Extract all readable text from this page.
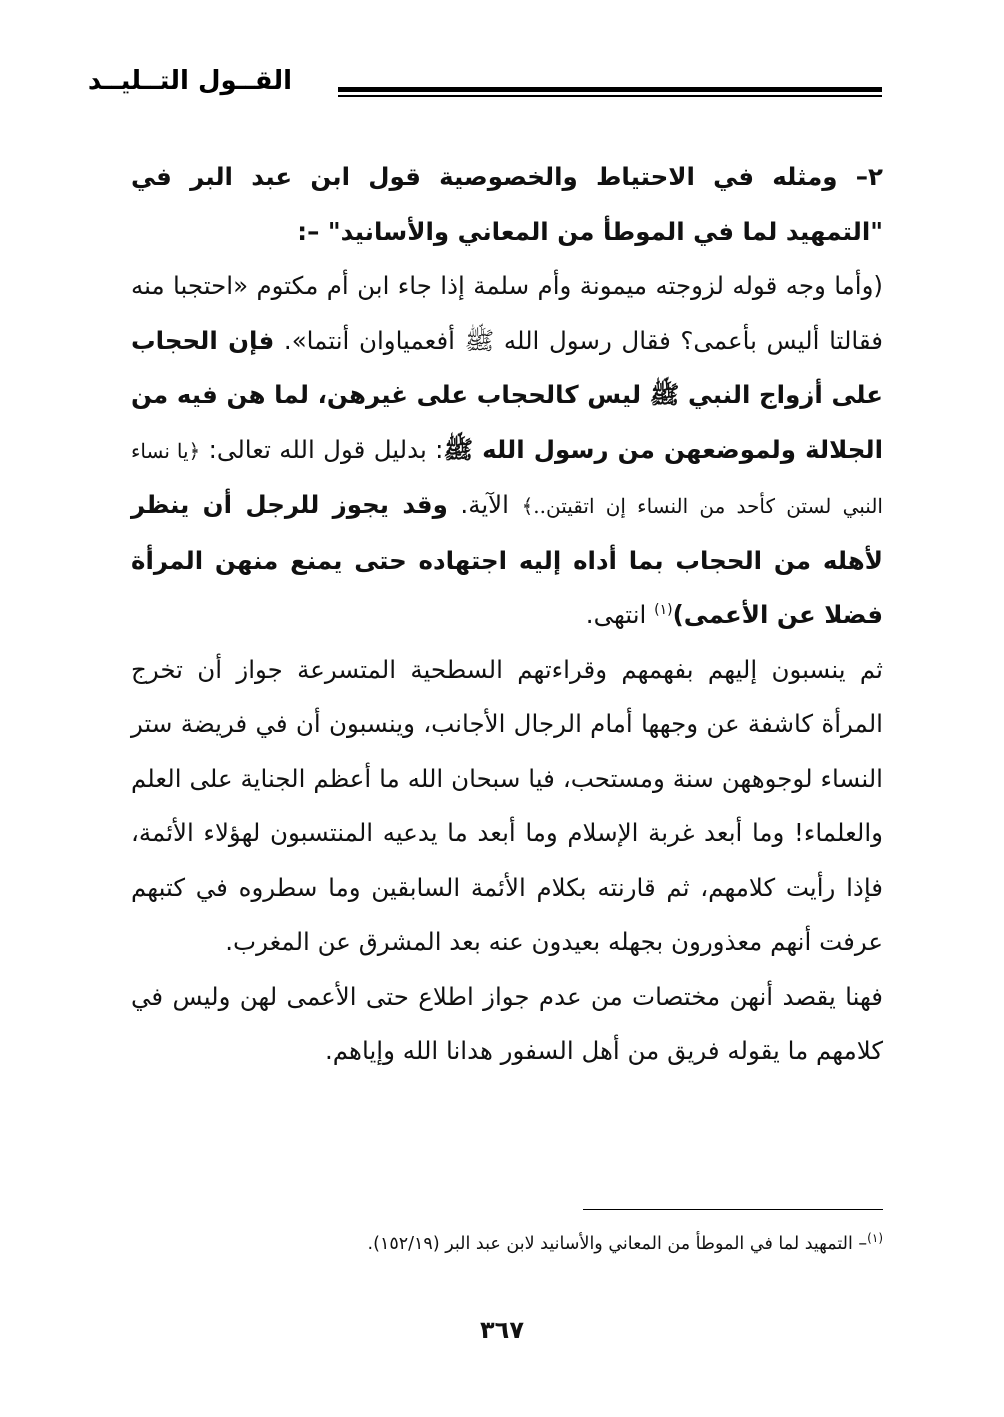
القــول التــليــد

٢– ومثله في الاحتياط والخصوصية قول ابن عبد البر في "التمهيد لما في الموطأ من المعاني والأسانيد" –:

(وأما وجه قوله لزوجته ميمونة وأم سلمة إذا جاء ابن أم مكتوم «احتجبا منه فقالتا أليس بأعمى؟ فقال رسول الله ﷺ أفعمياوان أنتما». فإن الحجاب على أزواج النبي ﷺ ليس كالحجاب على غيرهن، لما هن فيه من الجلالة ولموضعهن من رسول الله ﷺ: بدليل قول الله تعالى: ﴿يا نساء النبي لستن كأحد من النساء إن اتقيتن..﴾ الآية. وقد يجوز للرجل أن ينظر لأهله من الحجاب بما أداه إليه اجتهاده حتى يمنع منهن المرأة فضلا عن الأعمى)$^{(١)}$ انتهى.

ثم ينسبون إليهم بفهمهم وقراءتهم السطحية المتسرعة جواز أن تخرج المرأة كاشفة عن وجهها أمام الرجال الأجانب، وينسبون أن في فريضة ستر النساء لوجوههن سنة ومستحب، فيا سبحان الله ما أعظم الجناية على العلم والعلماء! وما أبعد غربة الإسلام وما أبعد ما يدعيه المنتسبون لهؤلاء الأئمة، فإذا رأيت كلامهم، ثم قارنته بكلام الأئمة السابقين وما سطروه في كتبهم عرفت أنهم معذورون بجهله بعيدون عنه بعد المشرق عن المغرب.

فهنا يقصد أنهن مختصات من عدم جواز اطلاع حتى الأعمى لهن وليس في كلامهم ما يقوله فريق من أهل السفور هدانا الله وإياهم.

$^{(١)}$– التمهيد لما في الموطأ من المعاني والأسانيد لابن عبد البر (١٥٢/١٩).
٣٦٧
